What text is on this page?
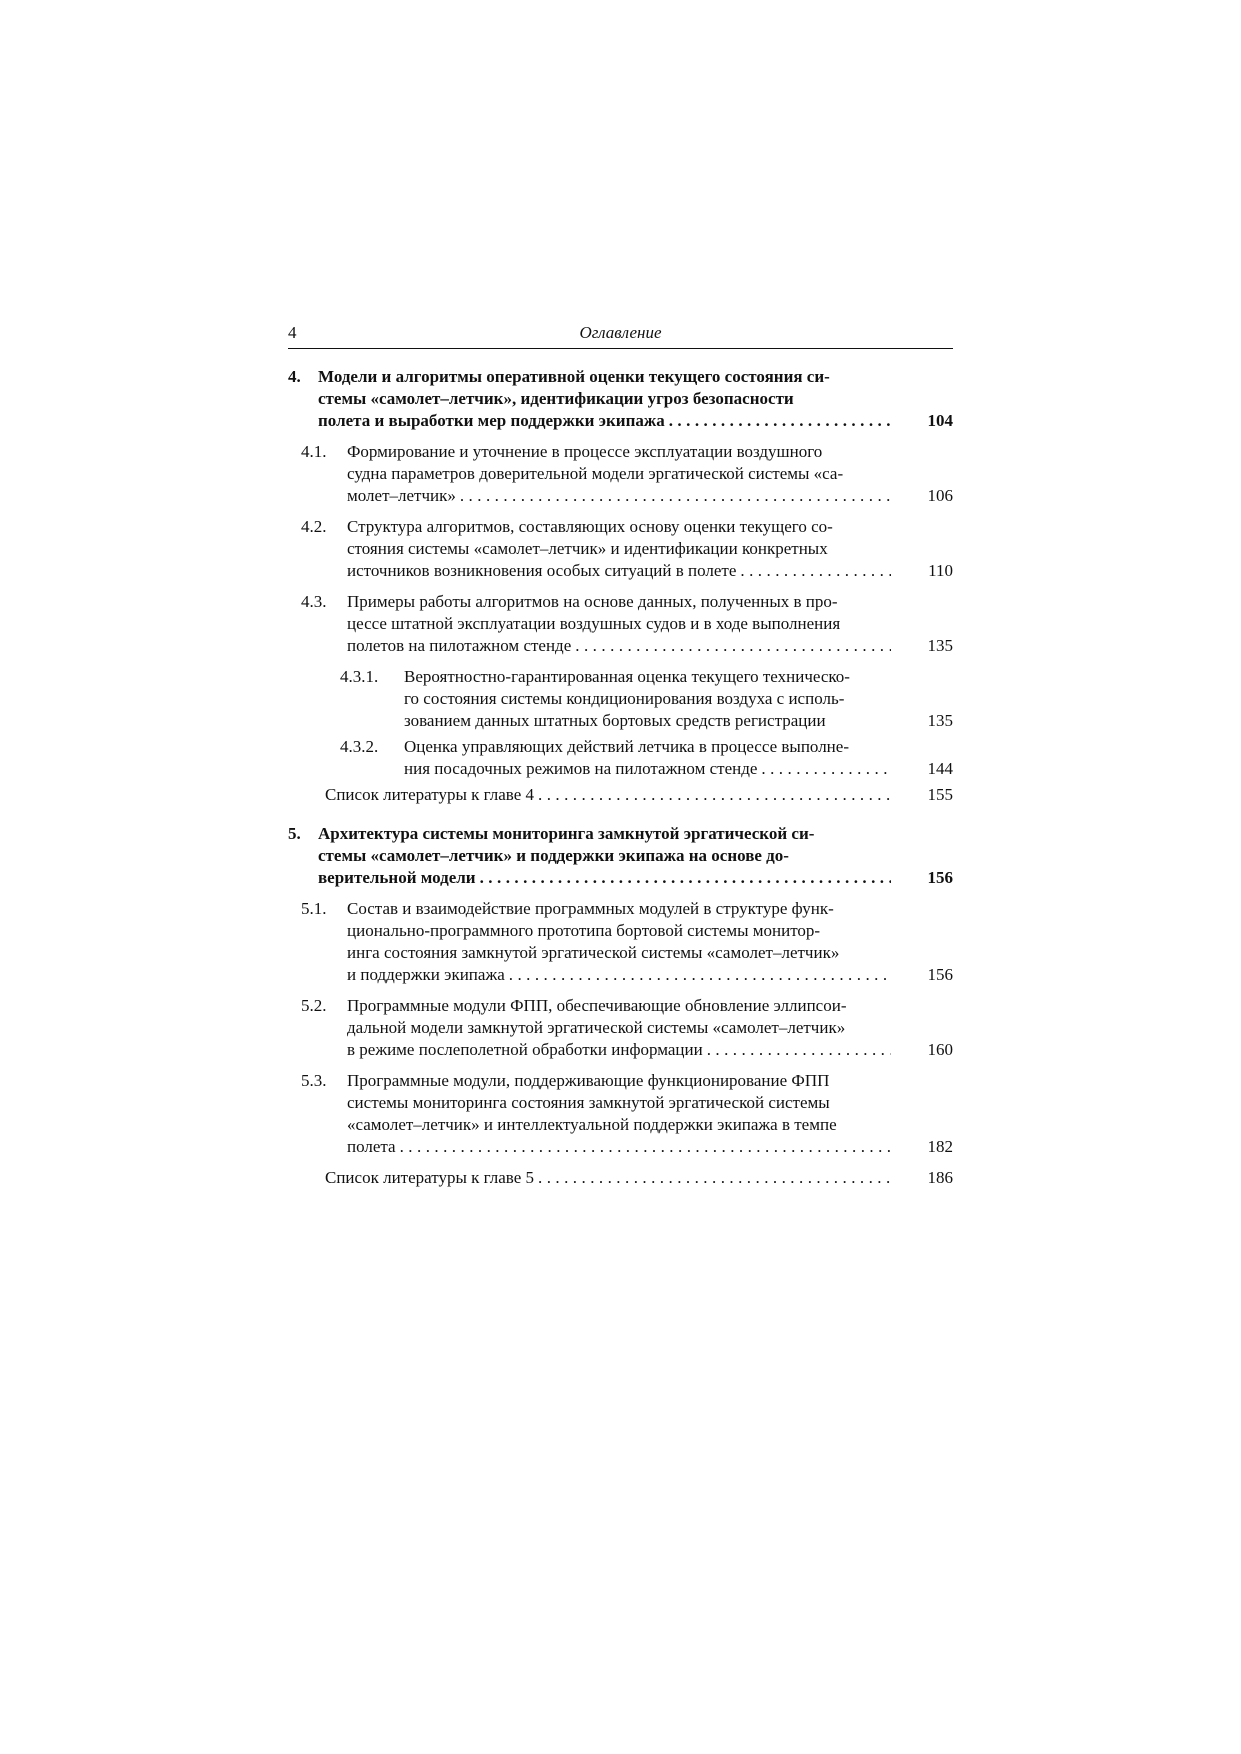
4	Оглавление
4.	Модели и алгоритмы оперативной оценки текущего состояния си-
стемы «самолет–летчик», идентификации угроз безопасности
полета и выработки мер поддержки экипажа . . .	104
4.1.	Формирование и уточнение в процессе эксплуатации воздушного
судна параметров доверительной модели эргатической системы «са-
молет–летчик» . . .	106
4.2.	Структура алгоритмов, составляющих основу оценки текущего со-
стояния системы «самолет–летчик» и идентификации конкретных
источников возникновения особых ситуаций в полете . . .	110
4.3.	Примеры работы алгоритмов на основе данных, полученных в про-
цессе штатной эксплуатации воздушных судов и в ходе выполнения
полетов на пилотажном стенде . . .	135
4.3.1.	Вероятностно-гарантированная оценка текущего техническо-
го состояния системы кондиционирования воздуха с исполь-
зованием данных штатных бортовых средств регистрации	135
4.3.2.	Оценка управляющих действий летчика в процессе выполне-
ния посадочных режимов на пилотажном стенде . . .	144
Список литературы к главе 4 . . .	155
5.	Архитектура системы мониторинга замкнутой эргатической си-
стемы «самолет–летчик» и поддержки экипажа на основе до-
верительной модели . . .	156
5.1.	Состав и взаимодействие программных модулей в структуре функ-
ционально-программного прототипа бортовой системы монитор-
инга состояния замкнутой эргатической системы «самолет–летчик»
и поддержки экипажа . . .	156
5.2.	Программные модули ФПП, обеспечивающие обновление эллипсои-
дальной модели замкнутой эргатической системы «самолет–летчик»
в режиме послеполетной обработки информации . . .	160
5.3.	Программные модули, поддерживающие функционирование ФПП
системы мониторинга состояния замкнутой эргатической системы
«самолет–летчик» и интеллектуальной поддержки экипажа в темпе
полета . . .	182
Список литературы к главе 5 . . .	186
